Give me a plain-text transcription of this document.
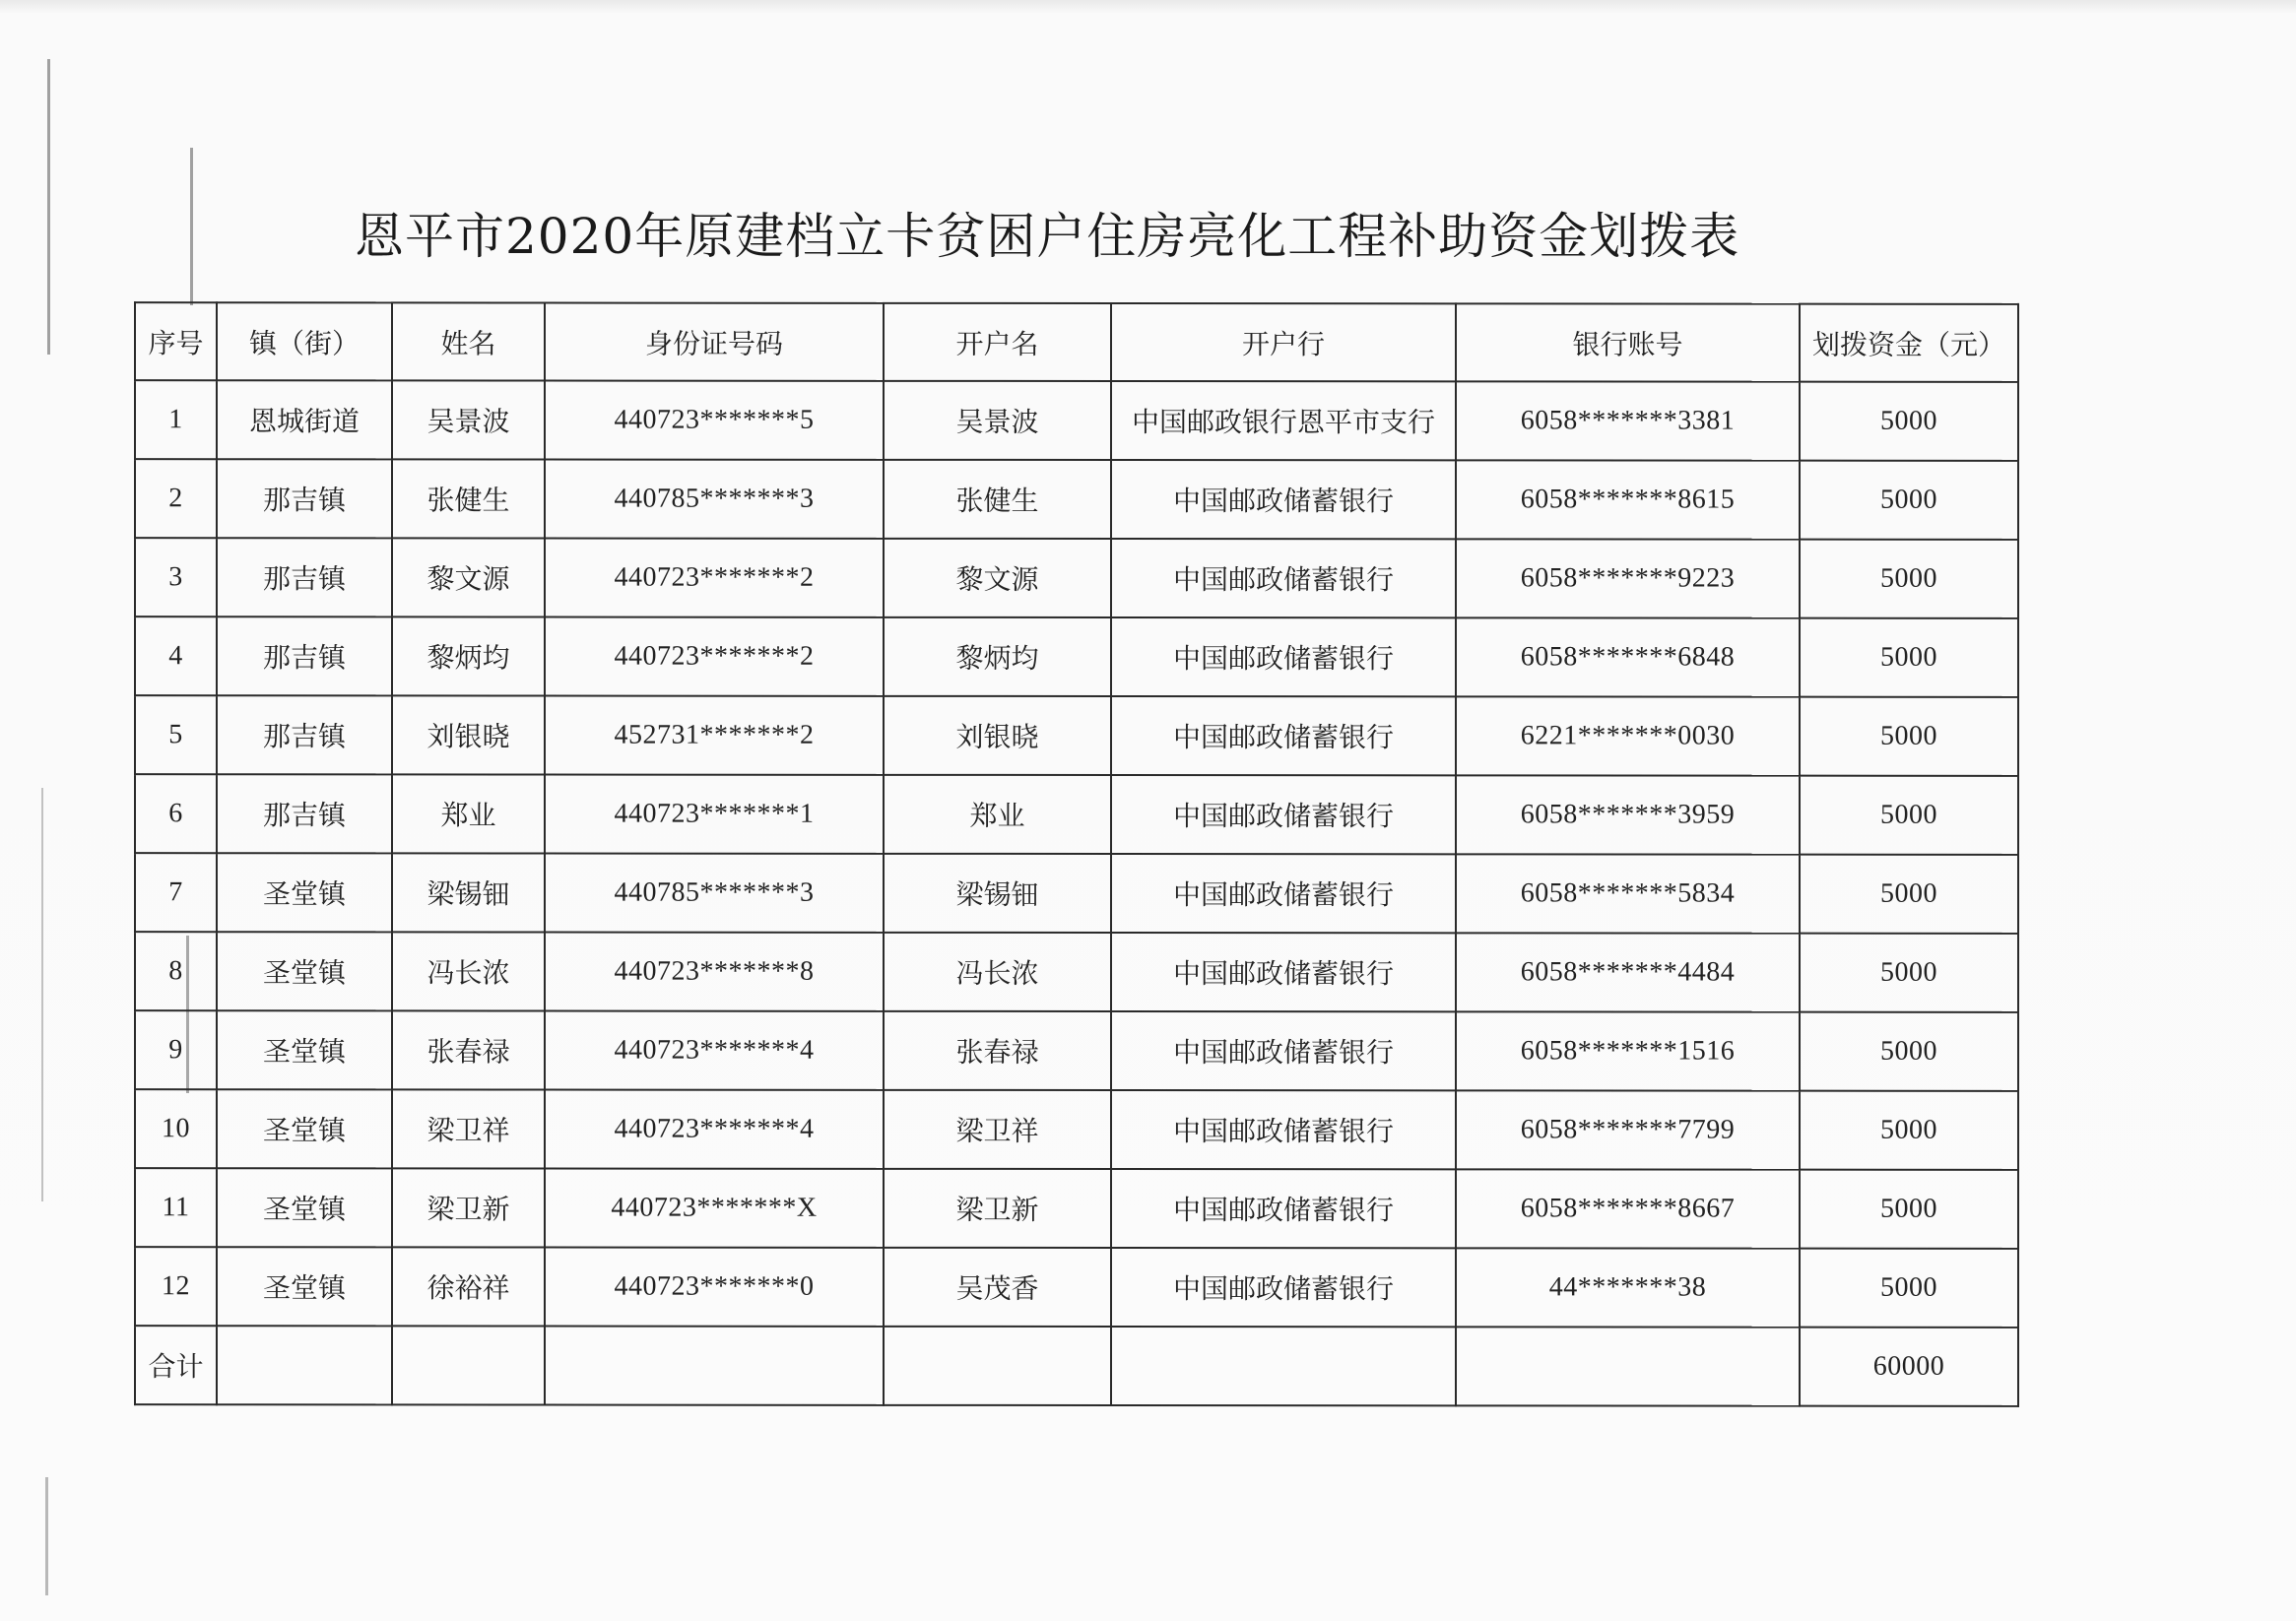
恩平市2020年原建档立卡贫困户住房亮化工程补助资金划拨表
序号	镇（街）	姓名	身份证号码	开户名	开户行	银行账号	划拨资金（元）
1	恩城街道	吴景波	440723*******5	吴景波	中国邮政银行恩平市支行	6058*******3381	5000
2	那吉镇	张健生	440785*******3	张健生	中国邮政储蓄银行	6058*******8615	5000
3	那吉镇	黎文源	440723*******2	黎文源	中国邮政储蓄银行	6058*******9223	5000
4	那吉镇	黎炳均	440723*******2	黎炳均	中国邮政储蓄银行	6058*******6848	5000
5	那吉镇	刘银晓	452731*******2	刘银晓	中国邮政储蓄银行	6221*******0030	5000
6	那吉镇	郑业	440723*******1	郑业	中国邮政储蓄银行	6058*******3959	5000
7	圣堂镇	梁锡钿	440785*******3	梁锡钿	中国邮政储蓄银行	6058*******5834	5000
8	圣堂镇	冯长浓	440723*******8	冯长浓	中国邮政储蓄银行	6058*******4484	5000
9	圣堂镇	张春禄	440723*******4	张春禄	中国邮政储蓄银行	6058*******1516	5000
10	圣堂镇	梁卫祥	440723*******4	梁卫祥	中国邮政储蓄银行	6058*******7799	5000
11	圣堂镇	梁卫新	440723*******X	梁卫新	中国邮政储蓄银行	6058*******8667	5000
12	圣堂镇	徐裕祥	440723*******0	吴茂香	中国邮政储蓄银行	44*******38	5000
合计							60000
